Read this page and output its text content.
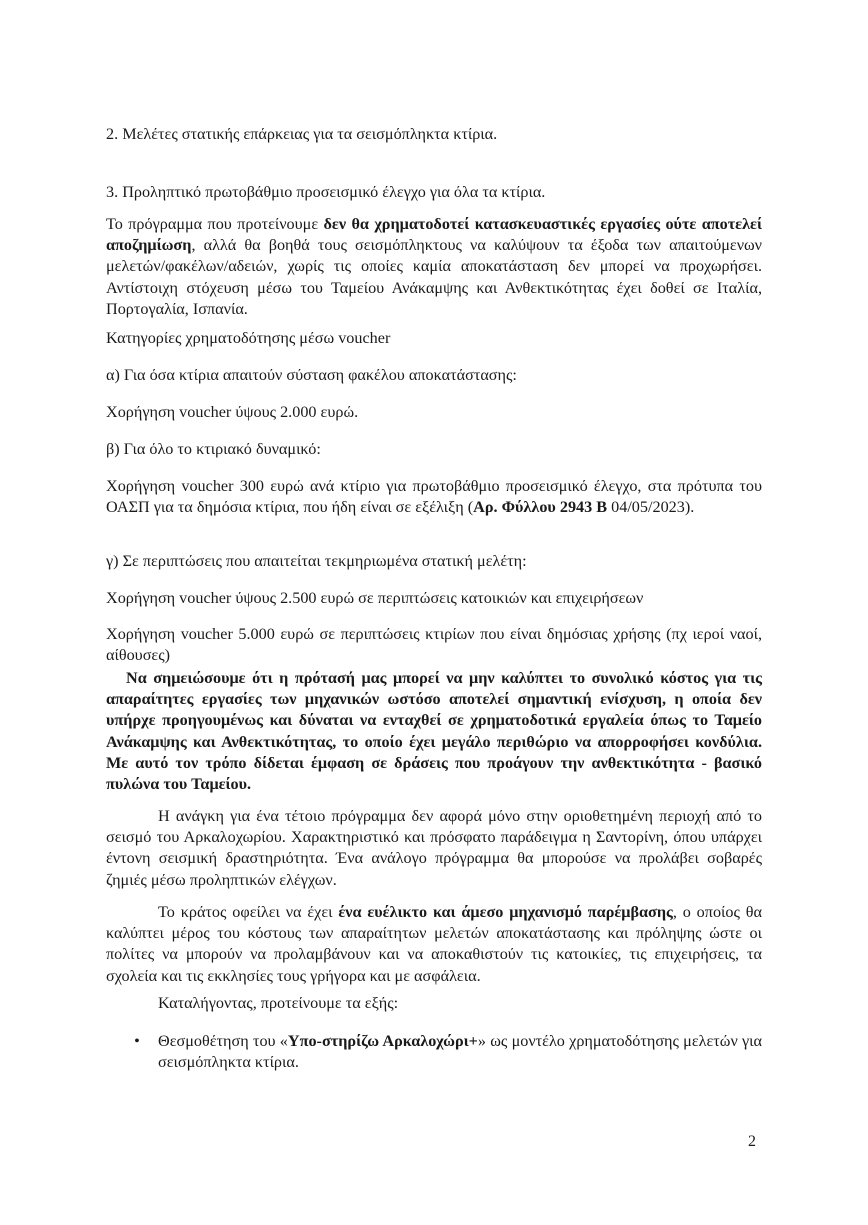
2. Μελέτες στατικής επάρκειας για τα σεισμόπληκτα κτίρια.

3. Προληπτικό πρωτοβάθμιο προσεισμικό έλεγχο για όλα τα κτίρια.

Το πρόγραμμα που προτείνουμε δεν θα χρηματοδοτεί κατασκευαστικές εργασίες ούτε αποτελεί αποζημίωση, αλλά θα βοηθά τους σεισμόπληκτους να καλύψουν τα έξοδα των απαιτούμενων μελετών/φακέλων/αδειών, χωρίς τις οποίες καμία αποκατάσταση δεν μπορεί να προχωρήσει. Αντίστοιχη στόχευση μέσω του Ταμείου Ανάκαμψης και Ανθεκτικότητας έχει δοθεί σε Ιταλία, Πορτογαλία, Ισπανία.

Κατηγορίες χρηματοδότησης μέσω voucher

α) Για όσα κτίρια απαιτούν σύσταση φακέλου αποκατάστασης:

Χορήγηση voucher ύψους 2.000 ευρώ.

β) Για όλο το κτιριακό δυναμικό:

Χορήγηση voucher 300 ευρώ ανά κτίριο για πρωτοβάθμιο προσεισμικό έλεγχο, στα πρότυπα του ΟΑΣΠ για τα δημόσια κτίρια, που ήδη είναι σε εξέλιξη (Αρ. Φύλλου 2943 Β 04/05/2023).

γ) Σε περιπτώσεις που απαιτείται τεκμηριωμένα στατική μελέτη:

Χορήγηση voucher ύψους 2.500 ευρώ σε περιπτώσεις κατοικιών και επιχειρήσεων

Χορήγηση voucher 5.000 ευρώ σε περιπτώσεις κτιρίων που είναι δημόσιας χρήσης (πχ ιεροί ναοί, αίθουσες)

Να σημειώσουμε ότι η πρότασή μας μπορεί να μην καλύπτει το συνολικό κόστος για τις απαραίτητες εργασίες των μηχανικών ωστόσο αποτελεί σημαντική ενίσχυση, η οποία δεν υπήρχε προηγουμένως και δύναται να ενταχθεί σε χρηματοδοτικά εργαλεία όπως το Ταμείο Ανάκαμψης και Ανθεκτικότητας, το οποίο έχει μεγάλο περιθώριο να απορροφήσει κονδύλια. Με αυτό τον τρόπο δίδεται έμφαση σε δράσεις που προάγουν την ανθεκτικότητα - βασικό πυλώνα του Ταμείου.

Η ανάγκη για ένα τέτοιο πρόγραμμα δεν αφορά μόνο στην οριοθετημένη περιοχή από το σεισμό του Αρκαλοχωρίου. Χαρακτηριστικό και πρόσφατο παράδειγμα η Σαντορίνη, όπου υπάρχει έντονη σεισμική δραστηριότητα. Ένα ανάλογο πρόγραμμα θα μπορούσε να προλάβει σοβαρές ζημιές μέσω προληπτικών ελέγχων.

Το κράτος οφείλει να έχει ένα ευέλικτο και άμεσο μηχανισμό παρέμβασης, ο οποίος θα καλύπτει μέρος του κόστους των απαραίτητων μελετών αποκατάστασης και πρόληψης ώστε οι πολίτες να μπορούν να προλαμβάνουν και να αποκαθιστούν τις κατοικίες, τις επιχειρήσεις, τα σχολεία και τις εκκλησίες τους γρήγορα και με ασφάλεια.

Καταλήγοντας, προτείνουμε τα εξής:

• Θεσμοθέτηση του «Υπο-στηρίζω Αρκαλοχώρι+» ως μοντέλο χρηματοδότησης μελετών για σεισμόπληκτα κτίρια.

2
